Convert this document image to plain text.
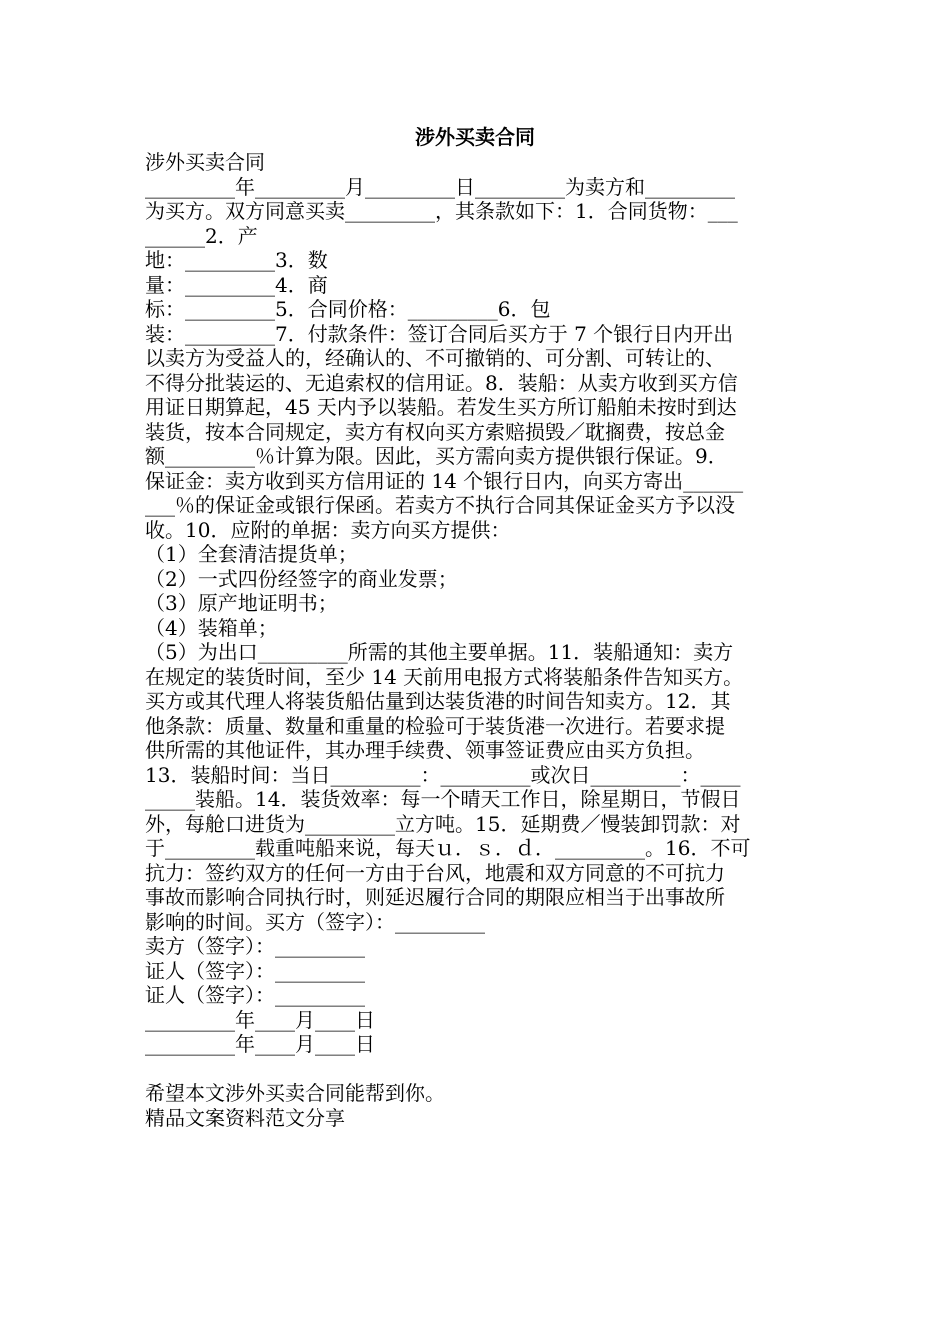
涉外买卖合同
涉外买卖合同
_________年_________月_________日_________为卖方和_________
为买方。双方同意买卖_________，其条款如下：1．合同货物：___
______2．产
地：_________3．数
量：_________4．商
标：_________5．合同价格：_________6．包
装：_________7．付款条件：签订合同后买方于 7 个银行日内开出
以卖方为受益人的，经确认的、不可撤销的、可分割、可转让的、
不得分批装运的、无追索权的信用证。8．装船：从卖方收到买方信
用证日期算起，45 天内予以装船。若发生买方所订船舶未按时到达
装货，按本合同规定，卖方有权向买方索赔损毁／耽搁费，按总金
额_________％计算为限。因此，买方需向卖方提供银行保证。9．
保证金：卖方收到买方信用证的 14 个银行日内，向买方寄出______
___％的保证金或银行保函。若卖方不执行合同其保证金买方予以没
收。10．应附的单据：卖方向买方提供：
（1）全套清洁提货单；
（2）一式四份经签字的商业发票；
（3）原产地证明书；
（4）装箱单；
（5）为出口_________所需的其他主要单据。11．装船通知：卖方
在规定的装货时间，至少 14 天前用电报方式将装船条件告知买方。
买方或其代理人将装货船估量到达装货港的时间告知卖方。12．其
他条款：质量、数量和重量的检验可于装货港一次进行。若要求提
供所需的其他证件，其办理手续费、领事签证费应由买方负担。
13．装船时间：当日_________：_________或次日_________：____
_____装船。14．装货效率：每一个晴天工作日，除星期日，节假日
外，每舱口进货为_________立方吨。15．延期费／慢装卸罚款：对
于_________载重吨船来说，每天ｕ．ｓ．ｄ．_________。16．不可
抗力：签约双方的任何一方由于台风，地震和双方同意的不可抗力
事故而影响合同执行时，则延迟履行合同的期限应相当于出事故所
影响的时间。买方（签字）：_________
卖方（签字）：_________
证人（签字）：_________
证人（签字）：_________
_________年____月____日
_________年____月____日
希望本文涉外买卖合同能帮到你。
精品文案资料范文分享
